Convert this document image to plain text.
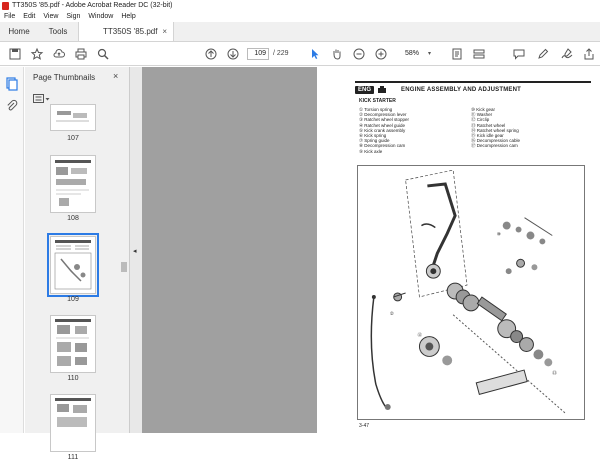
TT350S '85.pdf - Adobe Acrobat Reader DC (32-bit)
File	Edit	View	Sign	Window	Help
Home	Tools	TT350S '85.pdf ×
109	/ 229	58% ▾
Page Thumbnails ×
107
108
109
110
111
◂
ENG	ENGINE ASSEMBLY AND ADJUSTMENT
KICK STARTER
① Torsion spring
② Decompression lever
③ Ratchet wheel stopper
④ Ratchet wheel guide
⑤ Kick crank assembly
⑥ Kick spring
⑦ Spring guide
⑧ Decompression cam
⑨ Kick axle
⑩ Kick gear
⑪ Washer
⑫ Circlip
⑬ Ratchet wheel
⑭ Ratchet wheel spring
⑮ Kick idle gear
⑯ Decompression cable
⑰ Decompression cam
⑩
②
⑮
⑬
3-47
